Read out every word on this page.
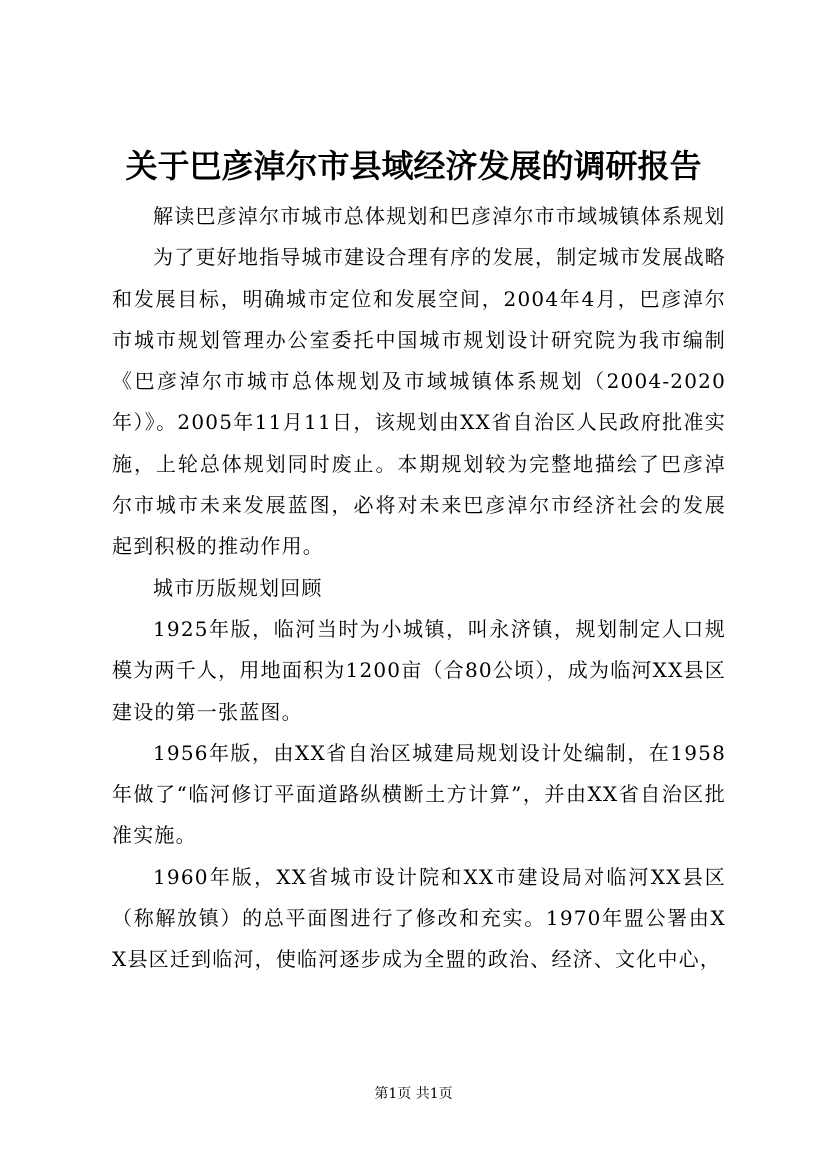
关于巴彦淖尔市县域经济发展的调研报告

解读巴彦淖尔市城市总体规划和巴彦淖尔市市域城镇体系规划

为了更好地指导城市建设合理有序的发展，制定城市发展战略和发展目标，明确城市定位和发展空间，2004年4月，巴彦淖尔市城市规划管理办公室委托中国城市规划设计研究院为我市编制《巴彦淖尔市城市总体规划及市域城镇体系规划（2004-2020年）》。2005年11月11日，该规划由XX省自治区人民政府批准实施，上轮总体规划同时废止。本期规划较为完整地描绘了巴彦淖尔市城市未来发展蓝图，必将对未来巴彦淖尔市经济社会的发展起到积极的推动作用。

城市历版规划回顾

1925年版，临河当时为小城镇，叫永济镇，规划制定人口规模为两千人，用地面积为1200亩（合80公顷），成为临河XX县区建设的第一张蓝图。

1956年版，由XX省自治区城建局规划设计处编制，在1958年做了“临河修订平面道路纵横断土方计算”，并由XX省自治区批准实施。

1960年版，XX省城市设计院和XX市建设局对临河XX县区（称解放镇）的总平面图进行了修改和充实。1970年盟公署由XX县区迁到临河，使临河逐步成为全盟的政治、经济、文化中心，

第1页 共1页
